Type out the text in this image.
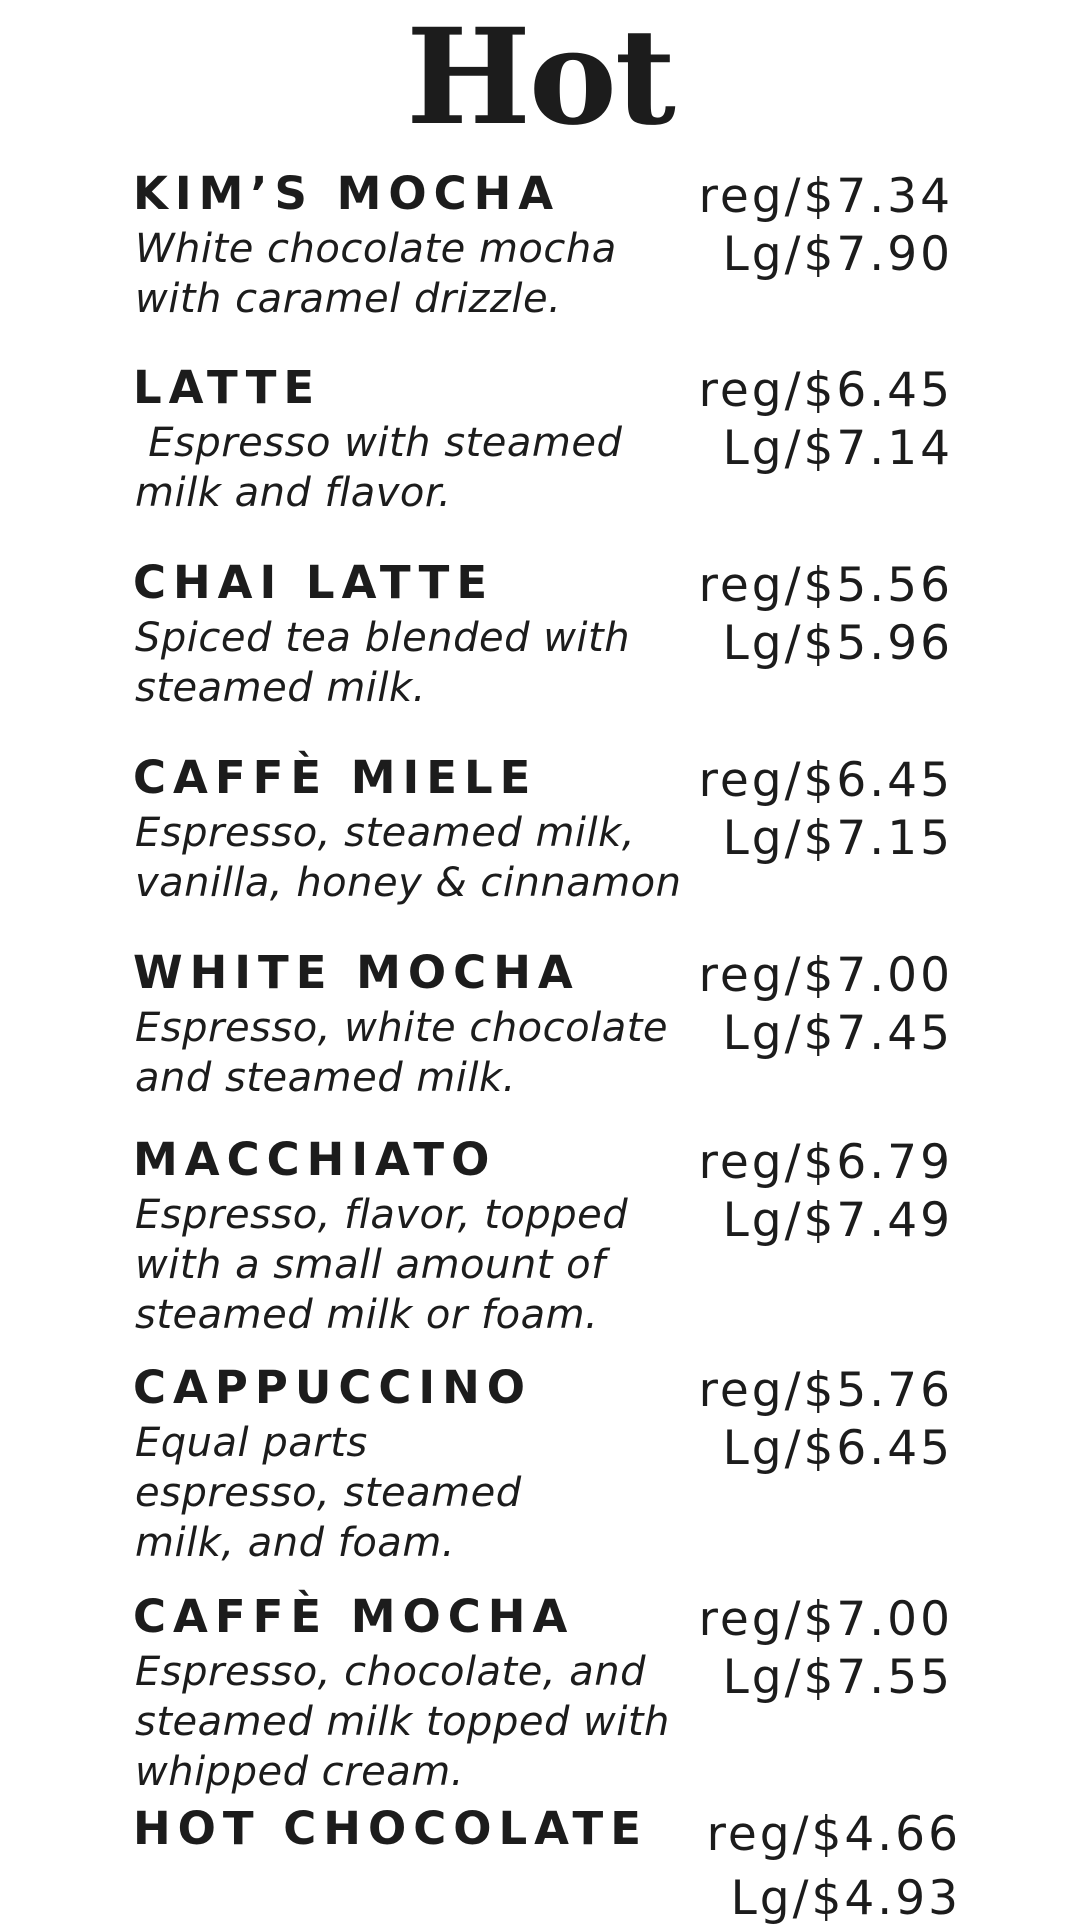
Hot
KIM’S MOCHA
White chocolate mocha
with caramel drizzle.
reg/$7.34
Lg/$7.90
LATTE
Espresso with steamed
milk and flavor.
reg/$6.45
Lg/$7.14
CHAI LATTE
Spiced tea blended with
steamed milk.
reg/$5.56
Lg/$5.96
CAFFÈ MIELE
Espresso, steamed milk,
vanilla, honey & cinnamon
reg/$6.45
Lg/$7.15
WHITE MOCHA
Espresso, white chocolate
and steamed milk.
reg/$7.00
Lg/$7.45
MACCHIATO
Espresso, flavor, topped
with a small amount of
steamed milk or foam.
reg/$6.79
Lg/$7.49
CAPPUCCINO
Equal parts
espresso, steamed
milk, and foam.
reg/$5.76
Lg/$6.45
CAFFÈ MOCHA
Espresso, chocolate, and
steamed milk topped with
whipped cream.
reg/$7.00
Lg/$7.55
HOT CHOCOLATE reg/$4.66
Lg/$4.93
